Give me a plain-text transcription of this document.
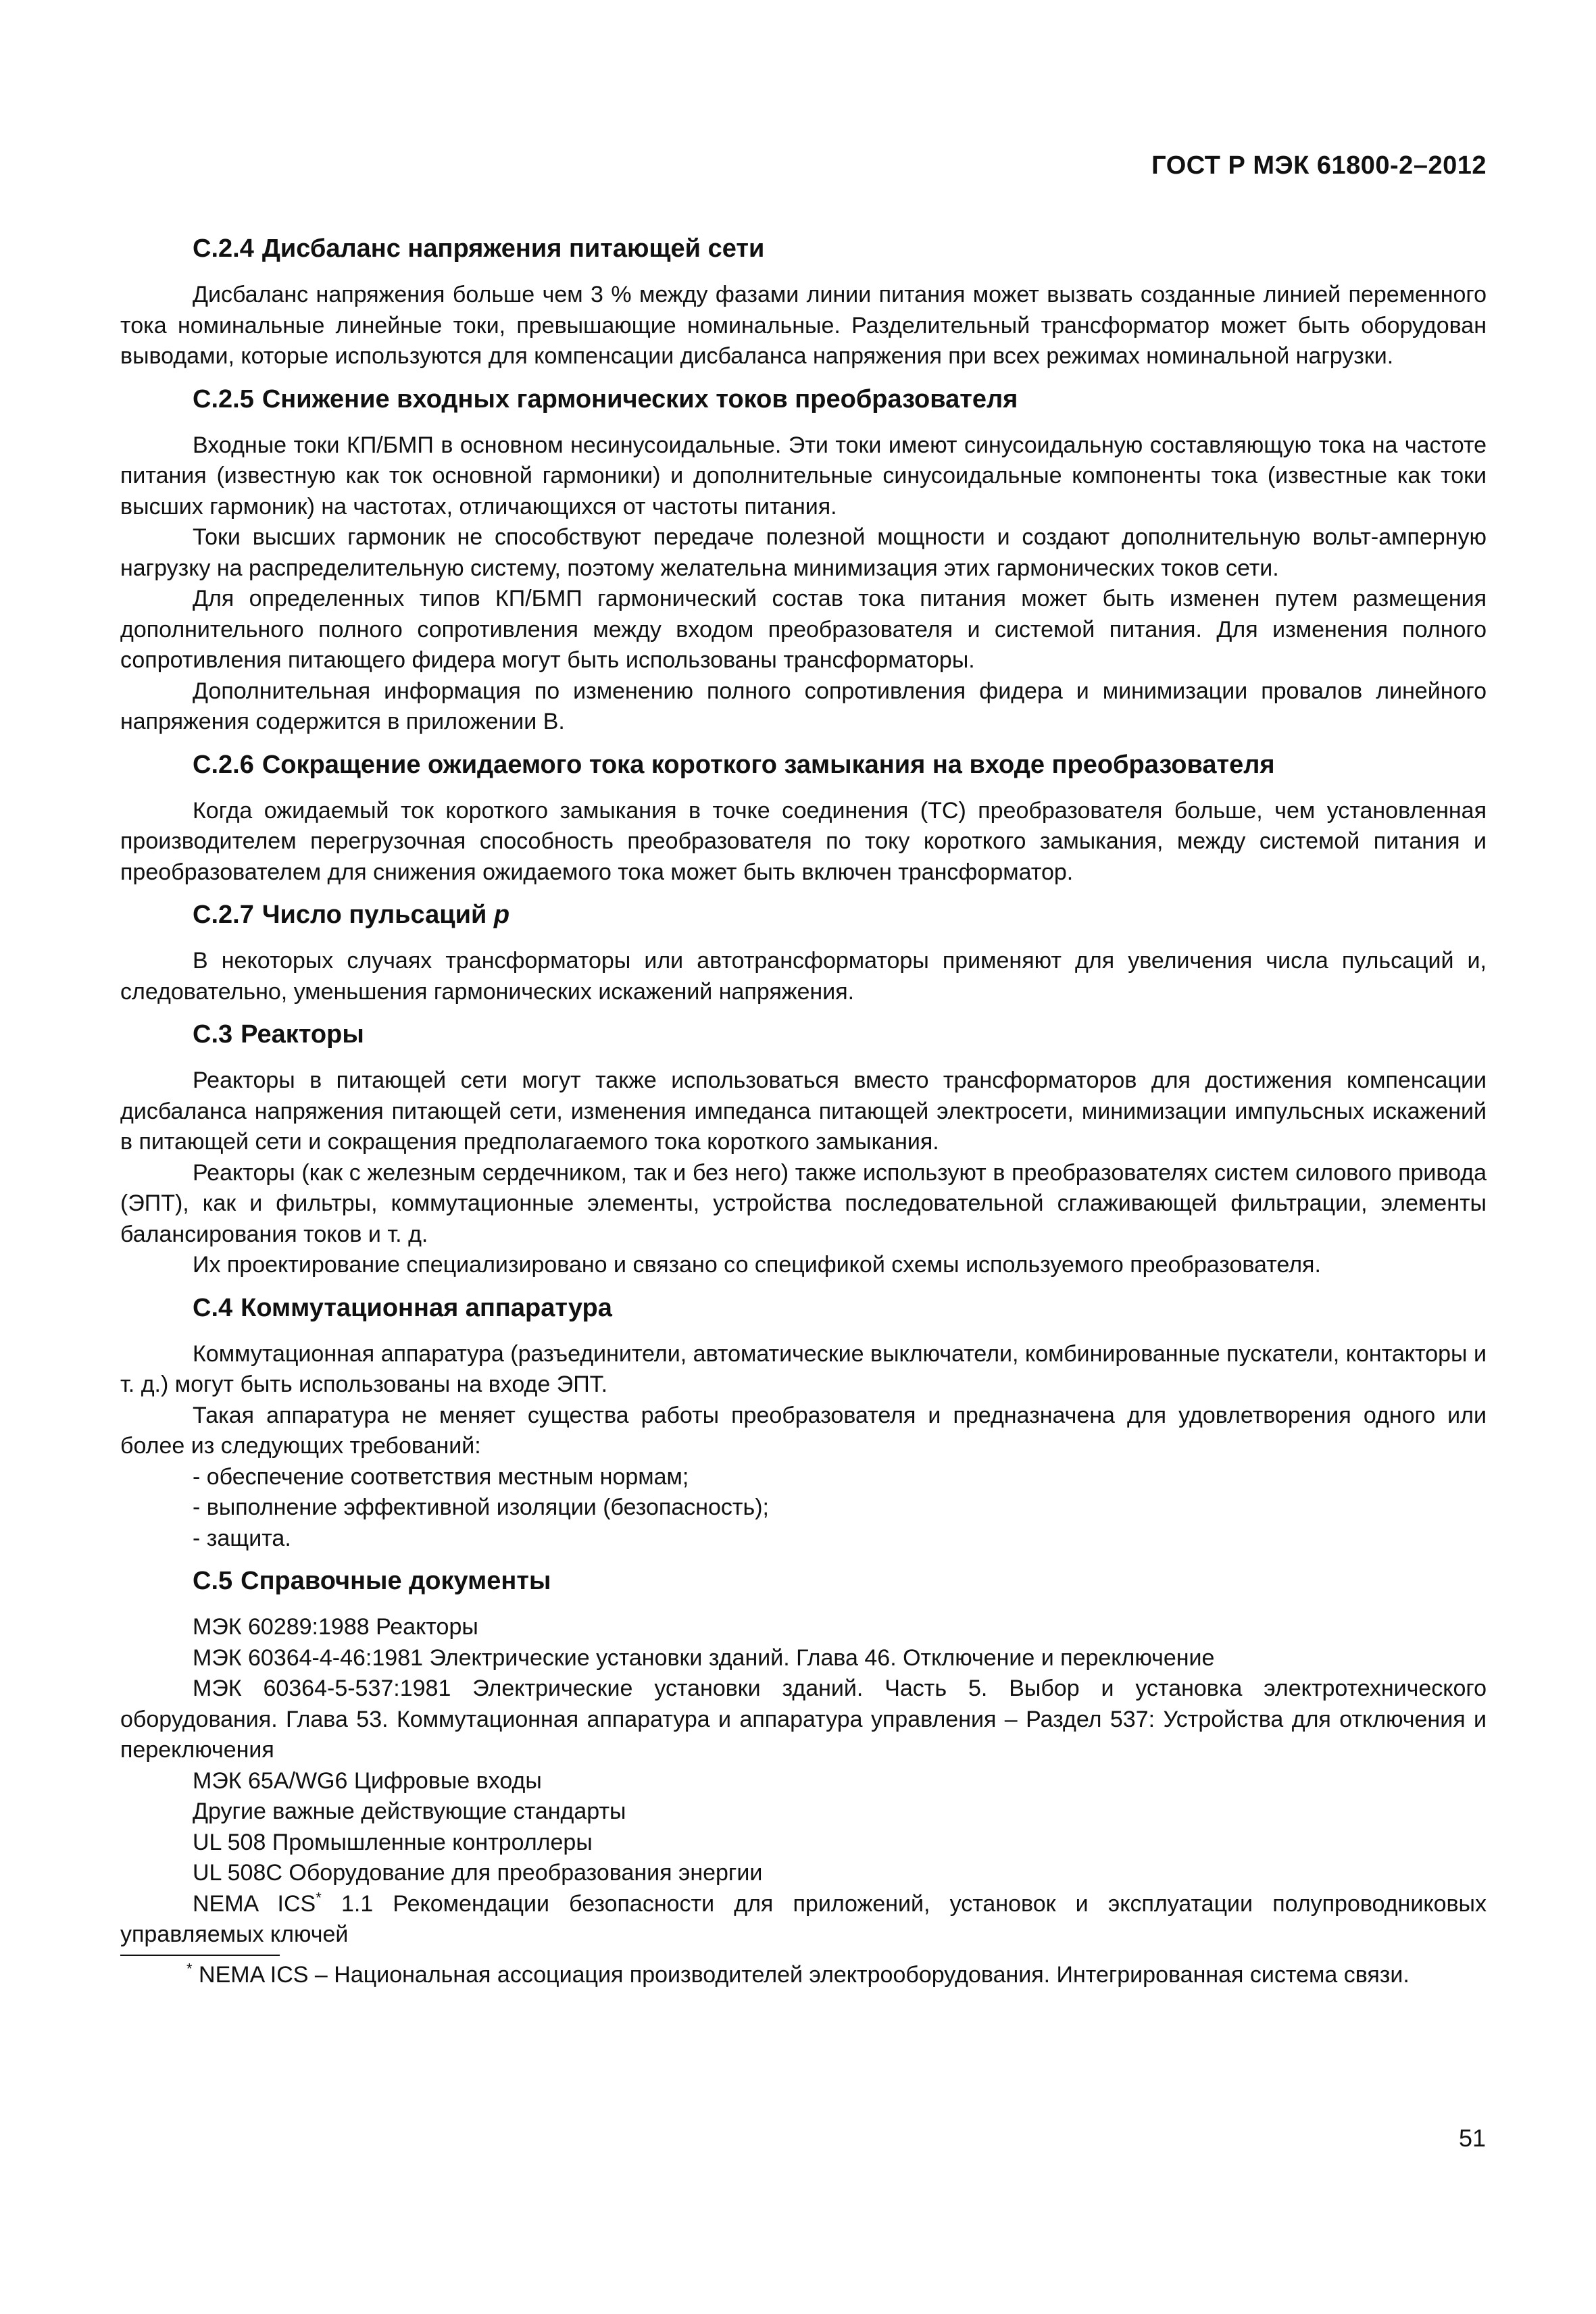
ГОСТ Р МЭК 61800-2–2012
С.2.4 Дисбаланс напряжения питающей сети

Дисбаланс напряжения больше чем 3 % между фазами линии питания может вызвать созданные линией переменного тока номинальные линейные токи, превышающие номинальные. Разделительный трансформатор может быть оборудован выводами, которые используются для компенсации дисбаланса напряжения при всех режимах номинальной нагрузки.

С.2.5 Снижение входных гармонических токов преобразователя

Входные токи КП/БМП в основном несинусоидальные. Эти токи имеют синусоидальную составляющую тока на частоте питания (известную как ток основной гармоники) и дополнительные синусоидальные компоненты тока (известные как токи высших гармоник) на частотах, отличающихся от частоты питания.

Токи высших гармоник не способствуют передаче полезной мощности и создают дополнительную вольт-амперную нагрузку на распределительную систему, поэтому желательна минимизация этих гармонических токов сети.

Для определенных типов КП/БМП гармонический состав тока питания может быть изменен путем размещения дополнительного полного сопротивления между входом преобразователя и системой питания. Для изменения полного сопротивления питающего фидера могут быть использованы трансформаторы.

Дополнительная информация по изменению полного сопротивления фидера и минимизации провалов линейного напряжения содержится в приложении В.

С.2.6 Сокращение ожидаемого тока короткого замыкания на входе преобразователя

Когда ожидаемый ток короткого замыкания в точке соединения (ТС) преобразователя больше, чем установленная производителем перегрузочная способность преобразователя по току короткого замыкания, между системой питания и преобразователем для снижения ожидаемого тока может быть включен трансформатор.

С.2.7 Число пульсаций p

В некоторых случаях трансформаторы или автотрансформаторы применяют для увеличения числа пульсаций и, следовательно, уменьшения гармонических искажений напряжения.

С.3 Реакторы

Реакторы в питающей сети могут также использоваться вместо трансформаторов для достижения компенсации дисбаланса напряжения питающей сети, изменения импеданса питающей электросети, минимизации импульсных искажений в питающей сети и сокращения предполагаемого тока короткого замыкания.

Реакторы (как с железным сердечником, так и без него) также используют в преобразователях систем силового привода (ЭПТ), как и фильтры, коммутационные элементы, устройства последовательной сглаживающей фильтрации, элементы балансирования токов и т. д.

Их проектирование специализировано и связано со спецификой схемы используемого преобразователя.

С.4 Коммутационная аппаратура

Коммутационная аппаратура (разъединители, автоматические выключатели, комбинированные пускатели, контакторы и т. д.) могут быть использованы на входе ЭПТ.

Такая аппаратура не меняет существа работы преобразователя и предназначена для удовлетворения одного или более из следующих требований:

- обеспечение соответствия местным нормам;

- выполнение эффективной изоляции (безопасность);

- защита.

С.5 Справочные документы

МЭК 60289:1988 Реакторы

МЭК 60364-4-46:1981 Электрические установки зданий. Глава 46. Отключение и переключение

МЭК 60364-5-537:1981 Электрические установки зданий. Часть 5. Выбор и установка электротехнического оборудования. Глава 53. Коммутационная аппаратура и аппаратура управления – Раздел 537: Устройства для отключения и переключения

МЭК 65A/WG6 Цифровые входы

Другие важные действующие стандарты

UL 508 Промышленные контроллеры

UL 508C Оборудование для преобразования энергии

NEMA ICS* 1.1 Рекомендации безопасности для приложений, установок и эксплуатации полупроводниковых управляемых ключей

* NEMA ICS – Национальная ассоциация производителей электрооборудования. Интегрированная система связи.

51
